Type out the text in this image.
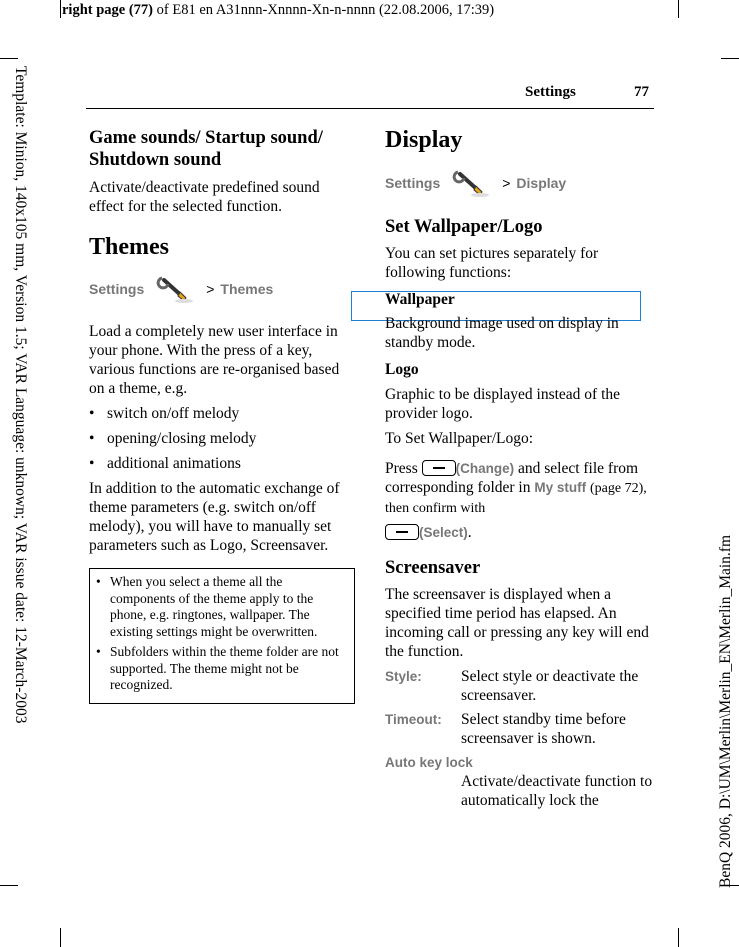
right page (77) of E81 en A31nnn-Xnnnn-Xn-n-nnnn (22.08.2006, 17:39)
Template: Minion, 140x105 mm, Version 1.5; VAR Language: unknown; VAR issue date: 12-March-2003	BenQ 2006, D:\UM\Merlin\Merlin_EN\Merlin_Main.fm
Settings	77
Game sounds/ Startup sound/ Shutdown sound
Activate/deactivate predefined sound effect for the selected function.
Themes
Settings	> Themes
Load a completely new user interface in your phone. With the press of a key, various functions are re-organised based on a theme, e.g.
• switch on/off melody
• opening/closing melody
• additional animations
In addition to the automatic exchange of theme parameters (e.g. switch on/off melody), you will have to manually set parameters such as Logo, Screensaver.
• When you select a theme all the components of the theme apply to the phone, e.g. ringtones, wallpaper. The existing settings might be overwritten.
• Subfolders within the theme folder are not supported. The theme might not be recognized.
Display
Settings	> Display
Set Wallpaper/Logo
You can set pictures separately for following functions:
Wallpaper
Background image used on display in standby mode.
Logo
Graphic to be displayed instead of the provider logo.
To Set Wallpaper/Logo:
Press	(Change) and select file from corresponding folder in My stuff (page 72), then confirm with
(Select).
Screensaver
The screensaver is displayed when a specified time period has elapsed. An incoming call or pressing any key will end the function.
Style:	Select style or deactivate the screensaver.
Timeout:	Select standby time before screensaver is shown.
Auto key lock
Activate/deactivate function to automatically lock the
